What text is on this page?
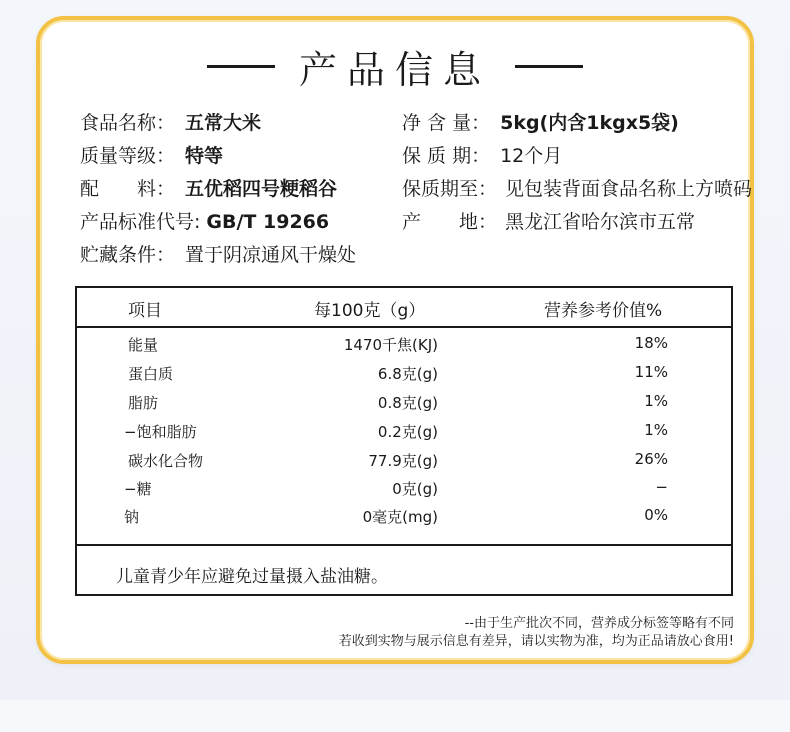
产品信息
食品名称： 五常大米	净 含 量： 5kg(内含1kgx5袋)
质量等级： 特等	保 质 期： 12个月
配　　料： 五优稻四号粳稻谷	保质期至： 见包装背面食品名称上方喷码
产品标准代号: GB/T 19266	产　　地： 黑龙江省哈尔滨市五常
贮藏条件： 置于阴凉通风干燥处
项目	每100克（g）	营养参考价值%
能量	1470千焦(KJ)	18%
蛋白质	6.8克(g)	11%
脂肪	0.8克(g)	1%
−饱和脂肪	0.2克(g)	1%
碳水化合物	77.9克(g)	26%
−糖	0克(g)	−
钠	0毫克(mg)	0%
儿童青少年应避免过量摄入盐油糖。
--由于生产批次不同，营养成分标签等略有不同
若收到实物与展示信息有差异，请以实物为准，均为正品请放心食用!
